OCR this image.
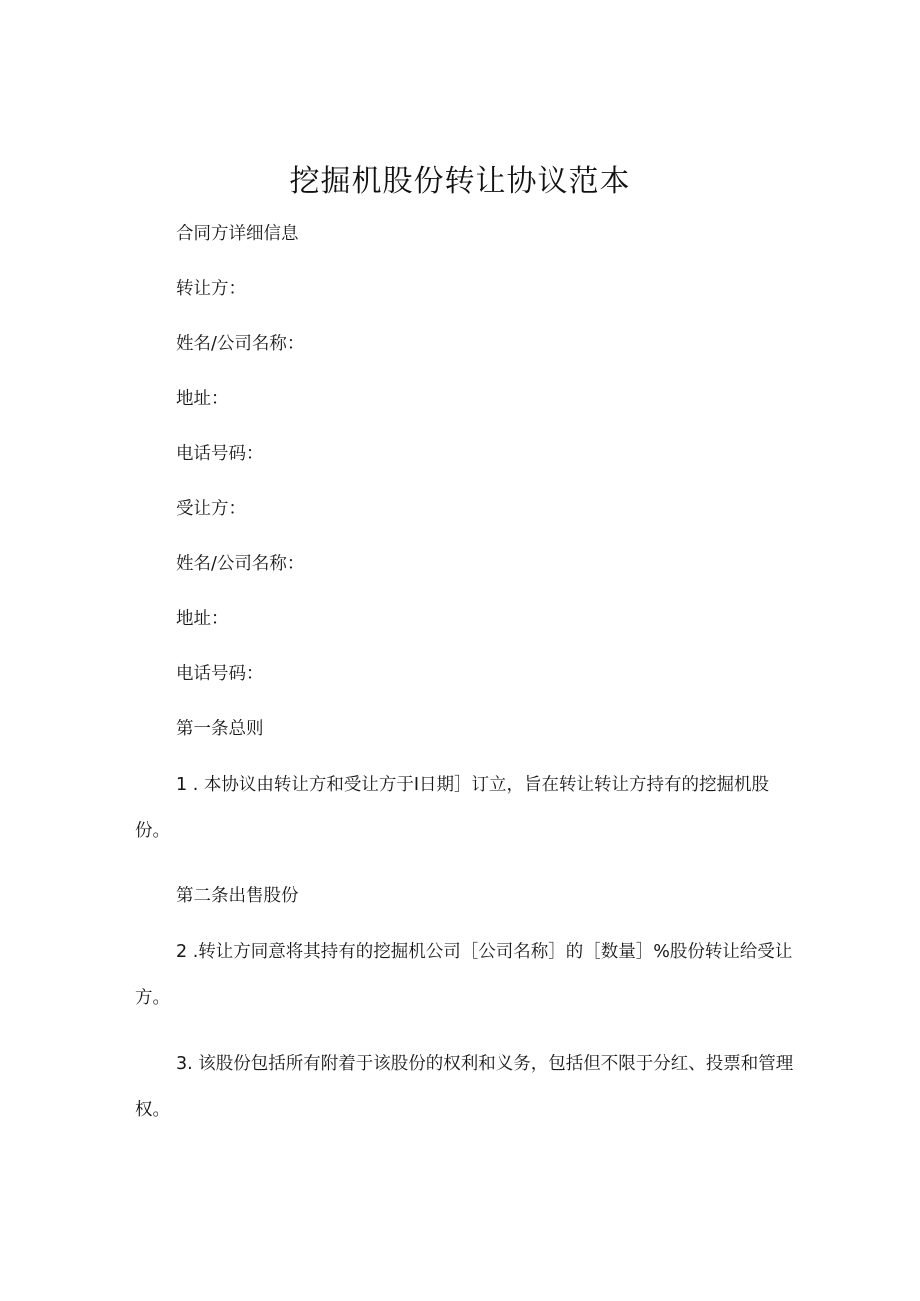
挖掘机股份转让协议范本

合同方详细信息

转让方：

姓名/公司名称：

地址：

电话号码：

受让方：

姓名/公司名称：

地址：

电话号码：

第一条总则

1 . 本协议由转让方和受让方于I日期］订立，旨在转让转让方持有的挖掘机股份。

第二条出售股份

2 .转让方同意将其持有的挖掘机公司［公司名称］的［数量］%股份转让给受让方。

3. 该股份包括所有附着于该股份的权利和义务，包括但不限于分红、投票和管理权。
